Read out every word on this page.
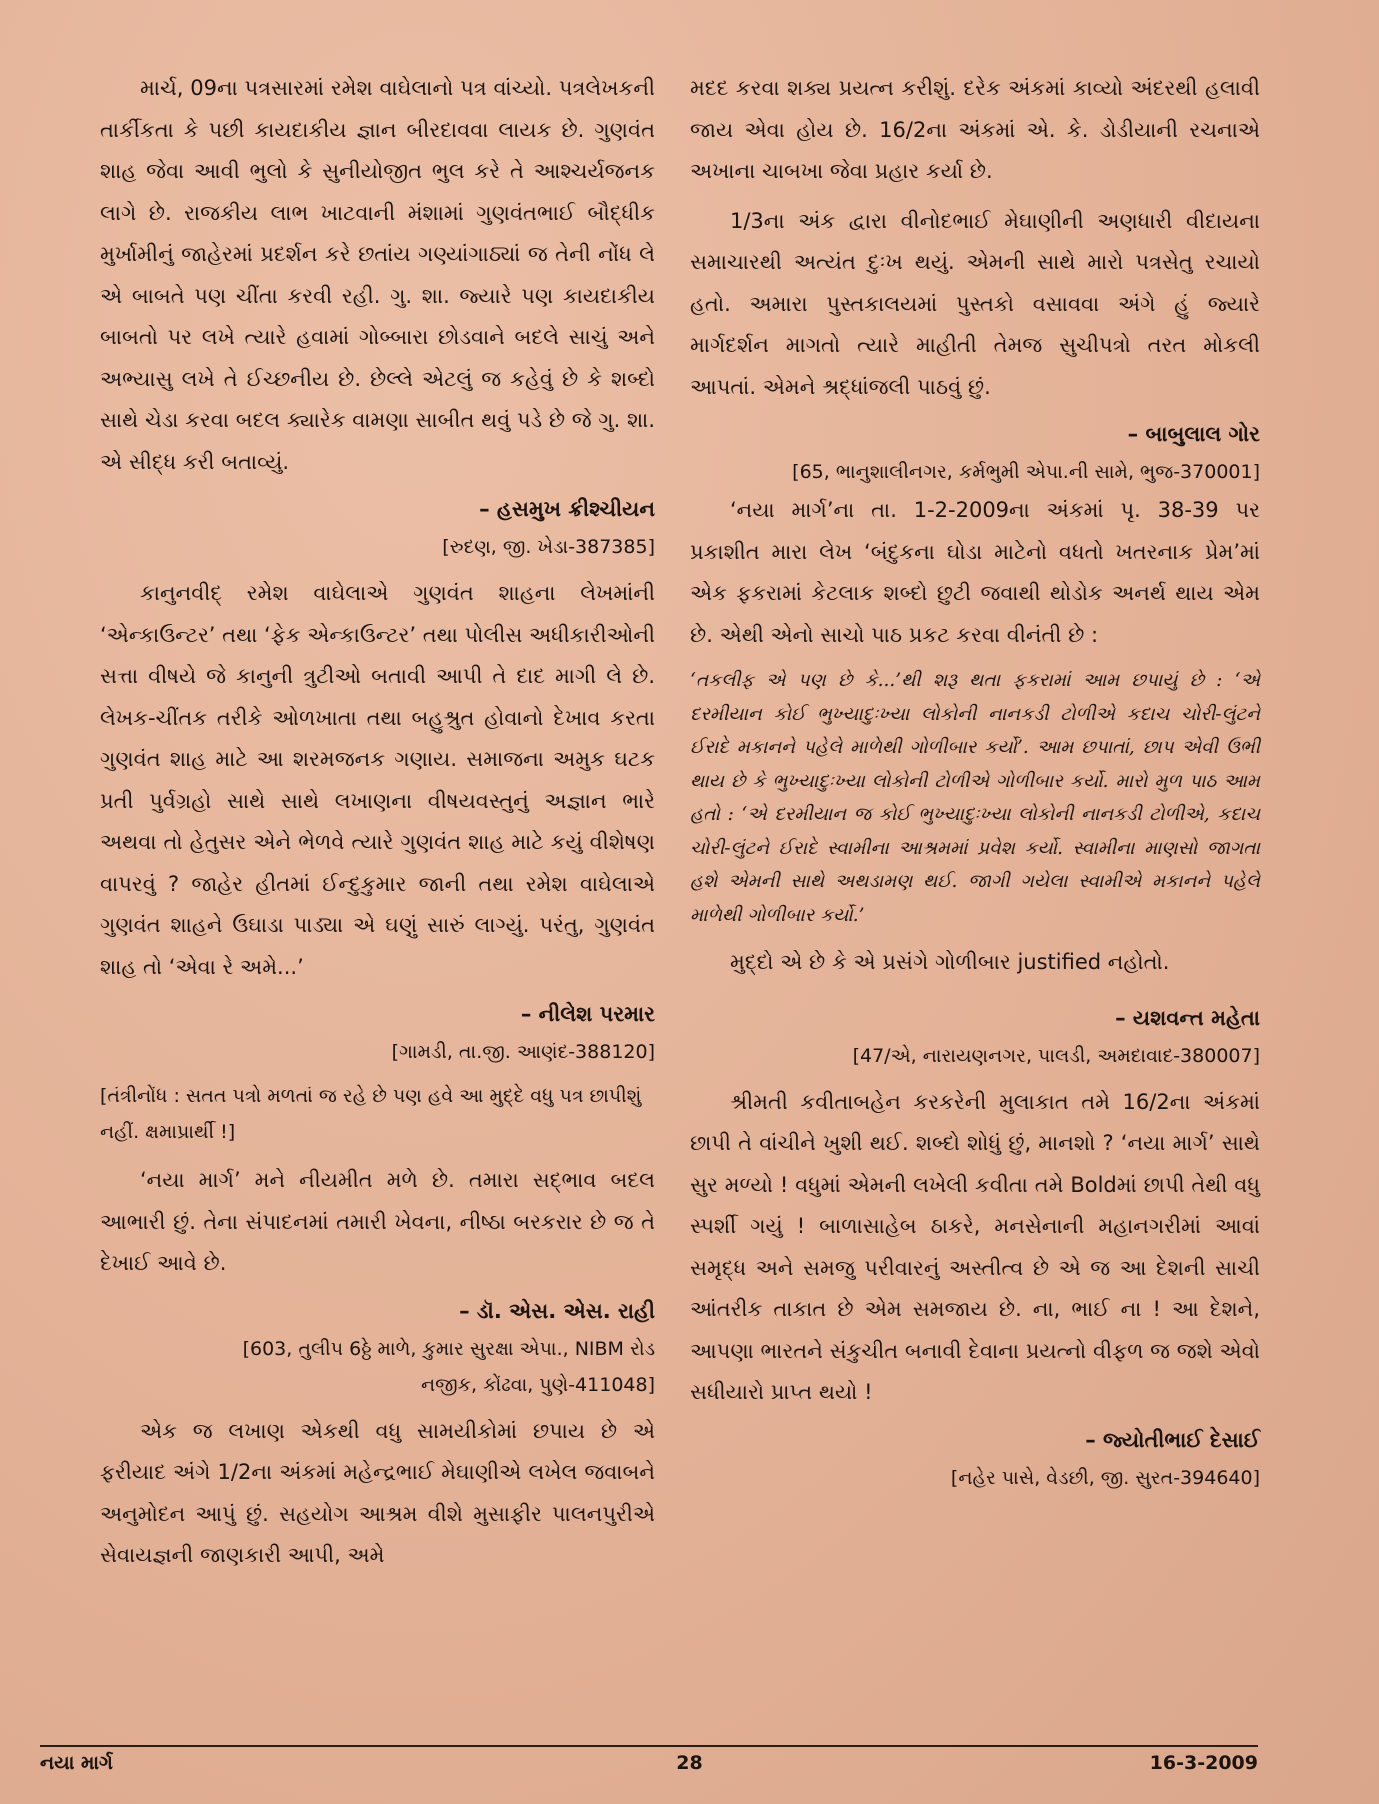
માર્ચ, 09ના પત્રસારમાં રમેશ વાઘેલાનો પત્ર વાંચ્યો. પત્રલેખકની તાર્કીકતા કે પછી કાયદાકીય જ્ઞાન બીરદાવવા લાયક છે. ગુણવંત શાહ જેવા આવી ભુલો કે સુનીયોજીત ભુલ કરે તે આશ્ચર્યજનક લાગે છે. રાજકીય લાભ ખાટવાની મંશામાં ગુણવંતભાઈ બૌદ્ધીક મુર્ખામીનું જાહેરમાં પ્રદર્શન કરે છતાંય ગણ્યાંગાઠ્યાં જ તેની નોંધ લે એ બાબતે પણ ચીંતા કરવી રહી. ગુ. શા. જ્યારે પણ કાયદાકીય બાબતો પર લખે ત્યારે હવામાં ગોબ્બારા છોડવાને બદલે સાચું અને અભ્યાસુ લખે તે ઈચ્છનીય છે. છેલ્લે એટલું જ કહેવું છે કે શબ્દો સાથે ચેડા કરવા બદલ ક્યારેક વામણા સાબીત થવું પડે છે જે ગુ. શા. એ સીદ્ધ કરી બતાવ્યું.

– હસમુખ ક્રીશ્ચીયન
[રુદણ, જી. ખેડા-387385]

કાનુનવીદ્ રમેશ વાઘેલાએ ગુણવંત શાહના લેખમાંની ‘એન્કાઉન્ટર’ તથા ‘ફેક એન્કાઉન્ટર’ તથા પોલીસ અધીકારીઓની સત્તા વીષયે જે કાનુની ત્રુટીઓ બતાવી આપી તે દાદ માગી લે છે. લેખક-ચીંતક તરીકે ઓળખાતા તથા બહુશ્રુત હોવાનો દેખાવ કરતા ગુણવંત શાહ માટે આ શરમજનક ગણાય. સમાજના અમુક ઘટક પ્રતી પુર્વગ્રહો સાથે સાથે લખાણના વીષયવસ્તુનું અજ્ઞાન ભારે અથવા તો હેતુસર એને ભેળવે ત્યારે ગુણવંત શાહ માટે કયું વીશેષણ વાપરવું ? જાહેર હીતમાં ઈન્દુકુમાર જાની તથા રમેશ વાઘેલાએ ગુણવંત શાહને ઉઘાડા પાડ્યા એ ઘણું સારું લાગ્યું. પરંતુ, ગુણવંત શાહ તો ‘એવા રે અમે...’

– નીલેશ પરમાર
[ગામડી, તા.જી. આણંદ-388120]
[તંત્રીનોંધ : સતત પત્રો મળતાં જ રહે છે પણ હવે આ મુદ્દે વધુ પત્ર છાપીશું નહીં. ક્ષમાપ્રાર્થી !]

‘નયા માર્ગ’ મને નીયમીત મળે છે. તમારા સદ્ભાવ બદલ આભારી છું. તેના સંપાદનમાં તમારી ખેવના, નીષ્ઠા બરકરાર છે જ તે દેખાઈ આવે છે.

– ડૉ. એસ. એસ. રાહી
[603, તુલીપ 6ઠ્ઠે માળે, કુમાર સુરક્ષા એપા., NIBM રોડ
નજીક, કોંઢવા, પુણે-411048]

એક જ લખાણ એકથી વધુ સામયીકોમાં છપાય છે એ ફરીયાદ અંગે 1/2ના અંકમાં મહેન્દ્રભાઈ મેઘાણીએ લખેલ જવાબને અનુમોદન આપું છું. સહયોગ આશ્રમ વીશે મુસાફીર પાલનપુરીએ સેવાયજ્ઞની જાણકારી આપી, અમે

મદદ કરવા શક્ય પ્રયત્ન કરીશું. દરેક અંકમાં કાવ્યો અંદરથી હલાવી જાય એવા હોય છે. 16/2ના અંકમાં એ. કે. ડોડીયાની રચનાએ અખાના ચાબખા જેવા પ્રહાર કર્યા છે.

1/3ના અંક દ્વારા વીનોદભાઈ મેઘાણીની અણધારી વીદાયના સમાચારથી અત્યંત દુઃખ થયું. એમની સાથે મારો પત્રસેતુ રચાયો હતો. અમારા પુસ્તકાલયમાં પુસ્તકો વસાવવા અંગે હું જ્યારે માર્ગદર્શન માગતો ત્યારે માહીતી તેમજ સુચીપત્રો તરત મોકલી આપતાં. એમને શ્રદ્ધાંજલી પાઠવું છું.

– બાબુલાલ ગોર
[65, ભાનુશાલીનગર, કર્મભુમી એપા.ની સામે, ભુજ-370001]

‘નયા માર્ગ’ના તા. 1-2-2009ના અંકમાં પૃ. 38-39 પર પ્રકાશીત મારા લેખ ‘બંદુકના ઘોડા માટેનો વધતો ખતરનાક પ્રેમ’માં એક ફકરામાં કેટલાક શબ્દો છુટી જવાથી થોડોક અનર્થ થાય એમ છે. એથી એનો સાચો પાઠ પ્રકટ કરવા વીનંતી છે :

‘તકલીફ એ પણ છે કે...’થી શરૂ થતા ફકરામાં આમ છપાયું છે : ‘એ દરમીયાન કોઈ ભુખ્યાદુઃખ્યા લોકોની નાનકડી ટોળીએ કદાચ ચોરી-લુંટને ઈરાદે મકાનને પહેલે માળેથી ગોળીબાર કર્યો’. આમ છપાતાં, છાપ એવી ઉભી થાય છે કે ભુખ્યાદુઃખ્યા લોકોની ટોળીએ ગોળીબાર કર્યો. મારો મુળ પાઠ આમ હતો : ‘એ દરમીયાન જ કોઈ ભુખ્યાદુઃખ્યા લોકોની નાનકડી ટોળીએ, કદાચ ચોરી-લુંટને ઈરાદે સ્વામીના આશ્રમમાં પ્રવેશ કર્યો. સ્વામીના માણસો જાગતા હશે એમની સાથે અથડામણ થઈ. જાગી ગયેલા સ્વામીએ મકાનને પહેલે માળેથી ગોળીબાર કર્યો.’

મુદ્દો એ છે કે એ પ્રસંગે ગોળીબાર justified નહોતો.

– યશવન્ત મહેતા
[47/એ, નારાયણનગર, પાલડી, અમદાવાદ-380007]

શ્રીમતી કવીતાબહેન કરકરેની મુલાકાત તમે 16/2ના અંકમાં છાપી તે વાંચીને ખુશી થઈ. શબ્દો શોધું છું, માનશો ? ‘નયા માર્ગ’ સાથે સુર મળ્યો ! વધુમાં એમની લખેલી કવીતા તમે Boldમાં છાપી તેથી વધુ સ્પર્શી ગયું ! બાળાસાહેબ ઠાકરે, મનસેનાની મહાનગરીમાં આવાં સમૃદ્ધ અને સમજુ પરીવારનું અસ્તીત્વ છે એ જ આ દેશની સાચી આંતરીક તાકાત છે એમ સમજાય છે. ના, ભાઈ ના ! આ દેશને, આપણા ભારતને સંકુચીત બનાવી દેવાના પ્રયત્નો વીફળ જ જશે એવો સધીયારો પ્રાપ્ત થયો !

– જ્યોતીભાઈ દેસાઈ
[નહેર પાસે, વેડછી, જી. સુરત-394640]
નયા માર્ગ	28	16-3-2009
